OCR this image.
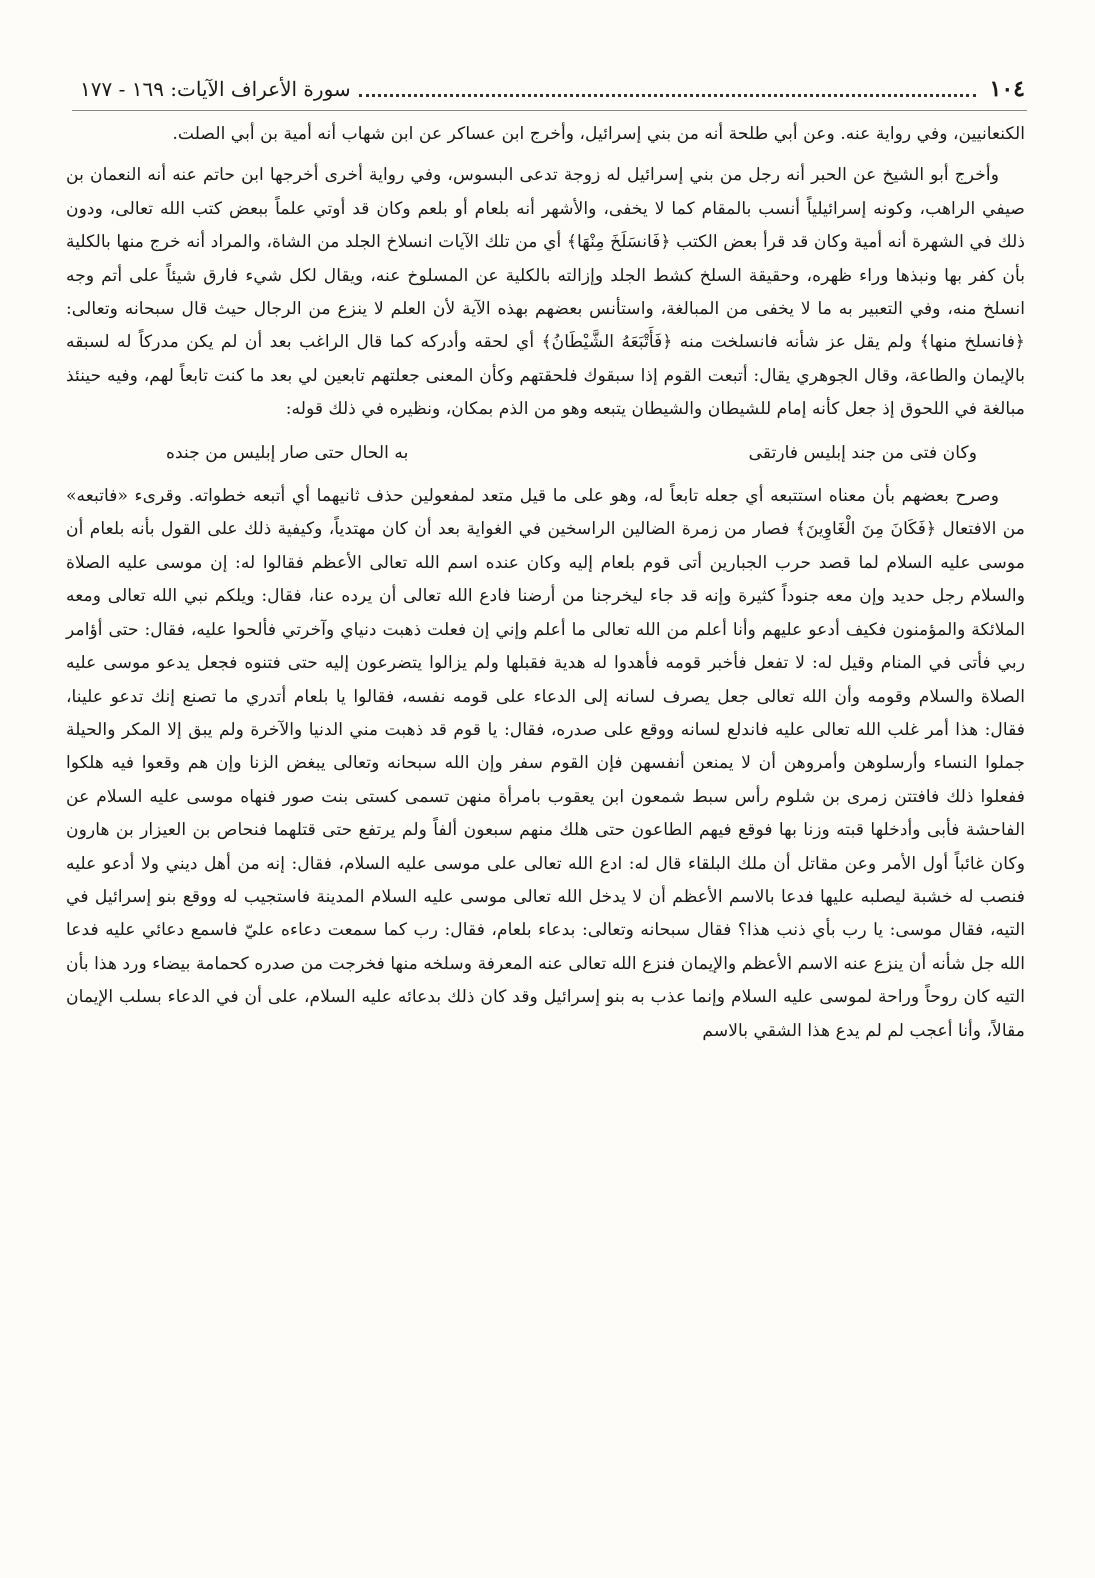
١٠٤
سورة الأعراف الآيات: ١٦٩ - ١٧٧

الكنعانيين، وفي رواية عنه. وعن أبي طلحة أنه من بني إسرائيل، وأخرج ابن عساكر عن ابن شهاب أنه أمية بن أبي الصلت.

وأخرج أبو الشيخ عن الحبر أنه رجل من بني إسرائيل له زوجة تدعى البسوس، وفي رواية أخرى أخرجها ابن حاتم عنه أنه النعمان بن صيفي الراهب، وكونه إسرائيلياً أنسب بالمقام كما لا يخفى، والأشهر أنه بلعام أو بلعم وكان قد أوتي علماً ببعض كتب الله تعالى، ودون ذلك في الشهرة أنه أمية وكان قد قرأ بعض الكتب ﴿فَانسَلَخَ مِنْهَا﴾ أي من تلك الآيات انسلاخ الجلد من الشاة، والمراد أنه خرج منها بالكلية بأن كفر بها ونبذها وراء ظهره، وحقيقة السلخ كشط الجلد وإزالته بالكلية عن المسلوخ عنه، ويقال لكل شيء فارق شيئاً على أتم وجه انسلخ منه، وفي التعبير به ما لا يخفى من المبالغة، واستأنس بعضهم بهذه الآية لأن العلم لا ينزع من الرجال حيث قال سبحانه وتعالى: ﴿فانسلخ منها﴾ ولم يقل عز شأنه فانسلخت منه ﴿فَأَتْبَعَهُ الشَّيْطَانُ﴾ أي لحقه وأدركه كما قال الراغب بعد أن لم يكن مدركاً له لسبقه بالإيمان والطاعة، وقال الجوهري يقال: أتبعت القوم إذا سبقوك فلحقتهم وكأن المعنى جعلتهم تابعين لي بعد ما كنت تابعاً لهم، وفيه حينئذ مبالغة في اللحوق إذ جعل كأنه إمام للشيطان والشيطان يتبعه وهو من الذم بمكان، ونظيره في ذلك قوله:

وكان فتى من جند إبليس فارتقى
به الحال حتى صار إبليس من جنده

وصرح بعضهم بأن معناه استتبعه أي جعله تابعاً له، وهو على ما قيل متعد لمفعولين حذف ثانيهما أي أتبعه خطواته. وقرىء «فاتبعه» من الافتعال ﴿فَكَانَ مِنَ الْغَاوِينَ﴾ فصار من زمرة الضالين الراسخين في الغواية بعد أن كان مهتدياً، وكيفية ذلك على القول بأنه بلعام أن موسى عليه السلام لما قصد حرب الجبارين أتى قوم بلعام إليه وكان عنده اسم الله تعالى الأعظم فقالوا له: إن موسى عليه الصلاة والسلام رجل حديد وإن معه جنوداً كثيرة وإنه قد جاء ليخرجنا من أرضنا فادع الله تعالى أن يرده عنا، فقال: ويلكم نبي الله تعالى ومعه الملائكة والمؤمنون فكيف أدعو عليهم وأنا أعلم من الله تعالى ما أعلم وإني إن فعلت ذهبت دنياي وآخرتي فألحوا عليه، فقال: حتى أؤامر ربي فأتى في المنام وقيل له: لا تفعل فأخبر قومه فأهدوا له هدية فقبلها ولم يزالوا يتضرعون إليه حتى فتنوه فجعل يدعو موسى عليه الصلاة والسلام وقومه وأن الله تعالى جعل يصرف لسانه إلى الدعاء على قومه نفسه، فقالوا يا بلعام أتدري ما تصنع إنك تدعو علينا، فقال: هذا أمر غلب الله تعالى عليه فاندلع لسانه ووقع على صدره، فقال: يا قوم قد ذهبت مني الدنيا والآخرة ولم يبق إلا المكر والحيلة جملوا النساء وأرسلوهن وأمروهن أن لا يمنعن أنفسهن فإن القوم سفر وإن الله سبحانه وتعالى يبغض الزنا وإن هم وقعوا فيه هلكوا ففعلوا ذلك فافتتن زمرى بن شلوم رأس سبط شمعون ابن يعقوب بامرأة منهن تسمى كستى بنت صور فنهاه موسى عليه السلام عن الفاحشة فأبى وأدخلها قبته وزنا بها فوقع فيهم الطاعون حتى هلك منهم سبعون ألفاً ولم يرتفع حتى قتلهما فنحاص بن العيزار بن هارون وكان غائباً أول الأمر وعن مقاتل أن ملك البلقاء قال له: ادع الله تعالى على موسى عليه السلام، فقال: إنه من أهل ديني ولا أدعو عليه فنصب له خشبة ليصلبه عليها فدعا بالاسم الأعظم أن لا يدخل الله تعالى موسى عليه السلام المدينة فاستجيب له ووقع بنو إسرائيل في التيه، فقال موسى: يا رب بأي ذنب هذا؟ فقال سبحانه وتعالى: بدعاء بلعام، فقال: رب كما سمعت دعاءه عليّ فاسمع دعائي عليه فدعا الله جل شأنه أن ينزع عنه الاسم الأعظم والإيمان فنزع الله تعالى عنه المعرفة وسلخه منها فخرجت من صدره كحمامة بيضاء ورد هذا بأن التيه كان روحاً وراحة لموسى عليه السلام وإنما عذب به بنو إسرائيل وقد كان ذلك بدعائه عليه السلام، على أن في الدعاء بسلب الإيمان مقالاً، وأنا أعجب لم لم يدع هذا الشقي بالاسم
